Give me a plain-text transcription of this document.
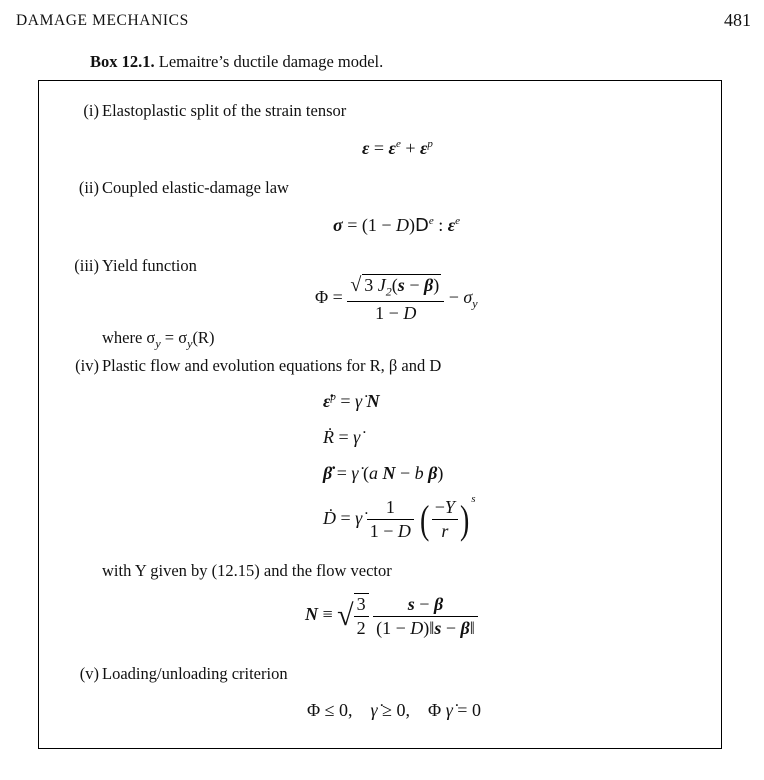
DAMAGE MECHANICS	481
Box 12.1. Lemaitre’s ductile damage model.
(i) Elastoplastic split of the strain tensor
$\varepsilon = \varepsilon^e + \varepsilon^p$
(ii) Coupled elastic-damage law
$\sigma = (1 - D)D^e$ : $\varepsilon^e$
(iii) Yield function
$\Phi = \frac{√ 3 J_2(s - \beta)}{1 - D} - \sigma_y$
where $\sigma_y = \sigma_y(R)$
(iv) Plastic flow and evolution equations for R, β and D
ε̇$^p$ = γ̇ N
Ṙ = γ̇
β̇ = γ̇ (a N − b β)
Ḋ = γ̇ $\frac{1}{1 - D}$ ( $\frac{-Y}{r}$ ) $^s$
with Y given by (12.15) and the flow vector
N ≡ √ $\frac{3}{2}$
$\frac{s - \beta}{(1 - D)‖s - \beta‖}$
(v) Loading/unloading criterion
Φ ≤ 0,    γ̇ ≥ 0, Φ γ̇ = 0
